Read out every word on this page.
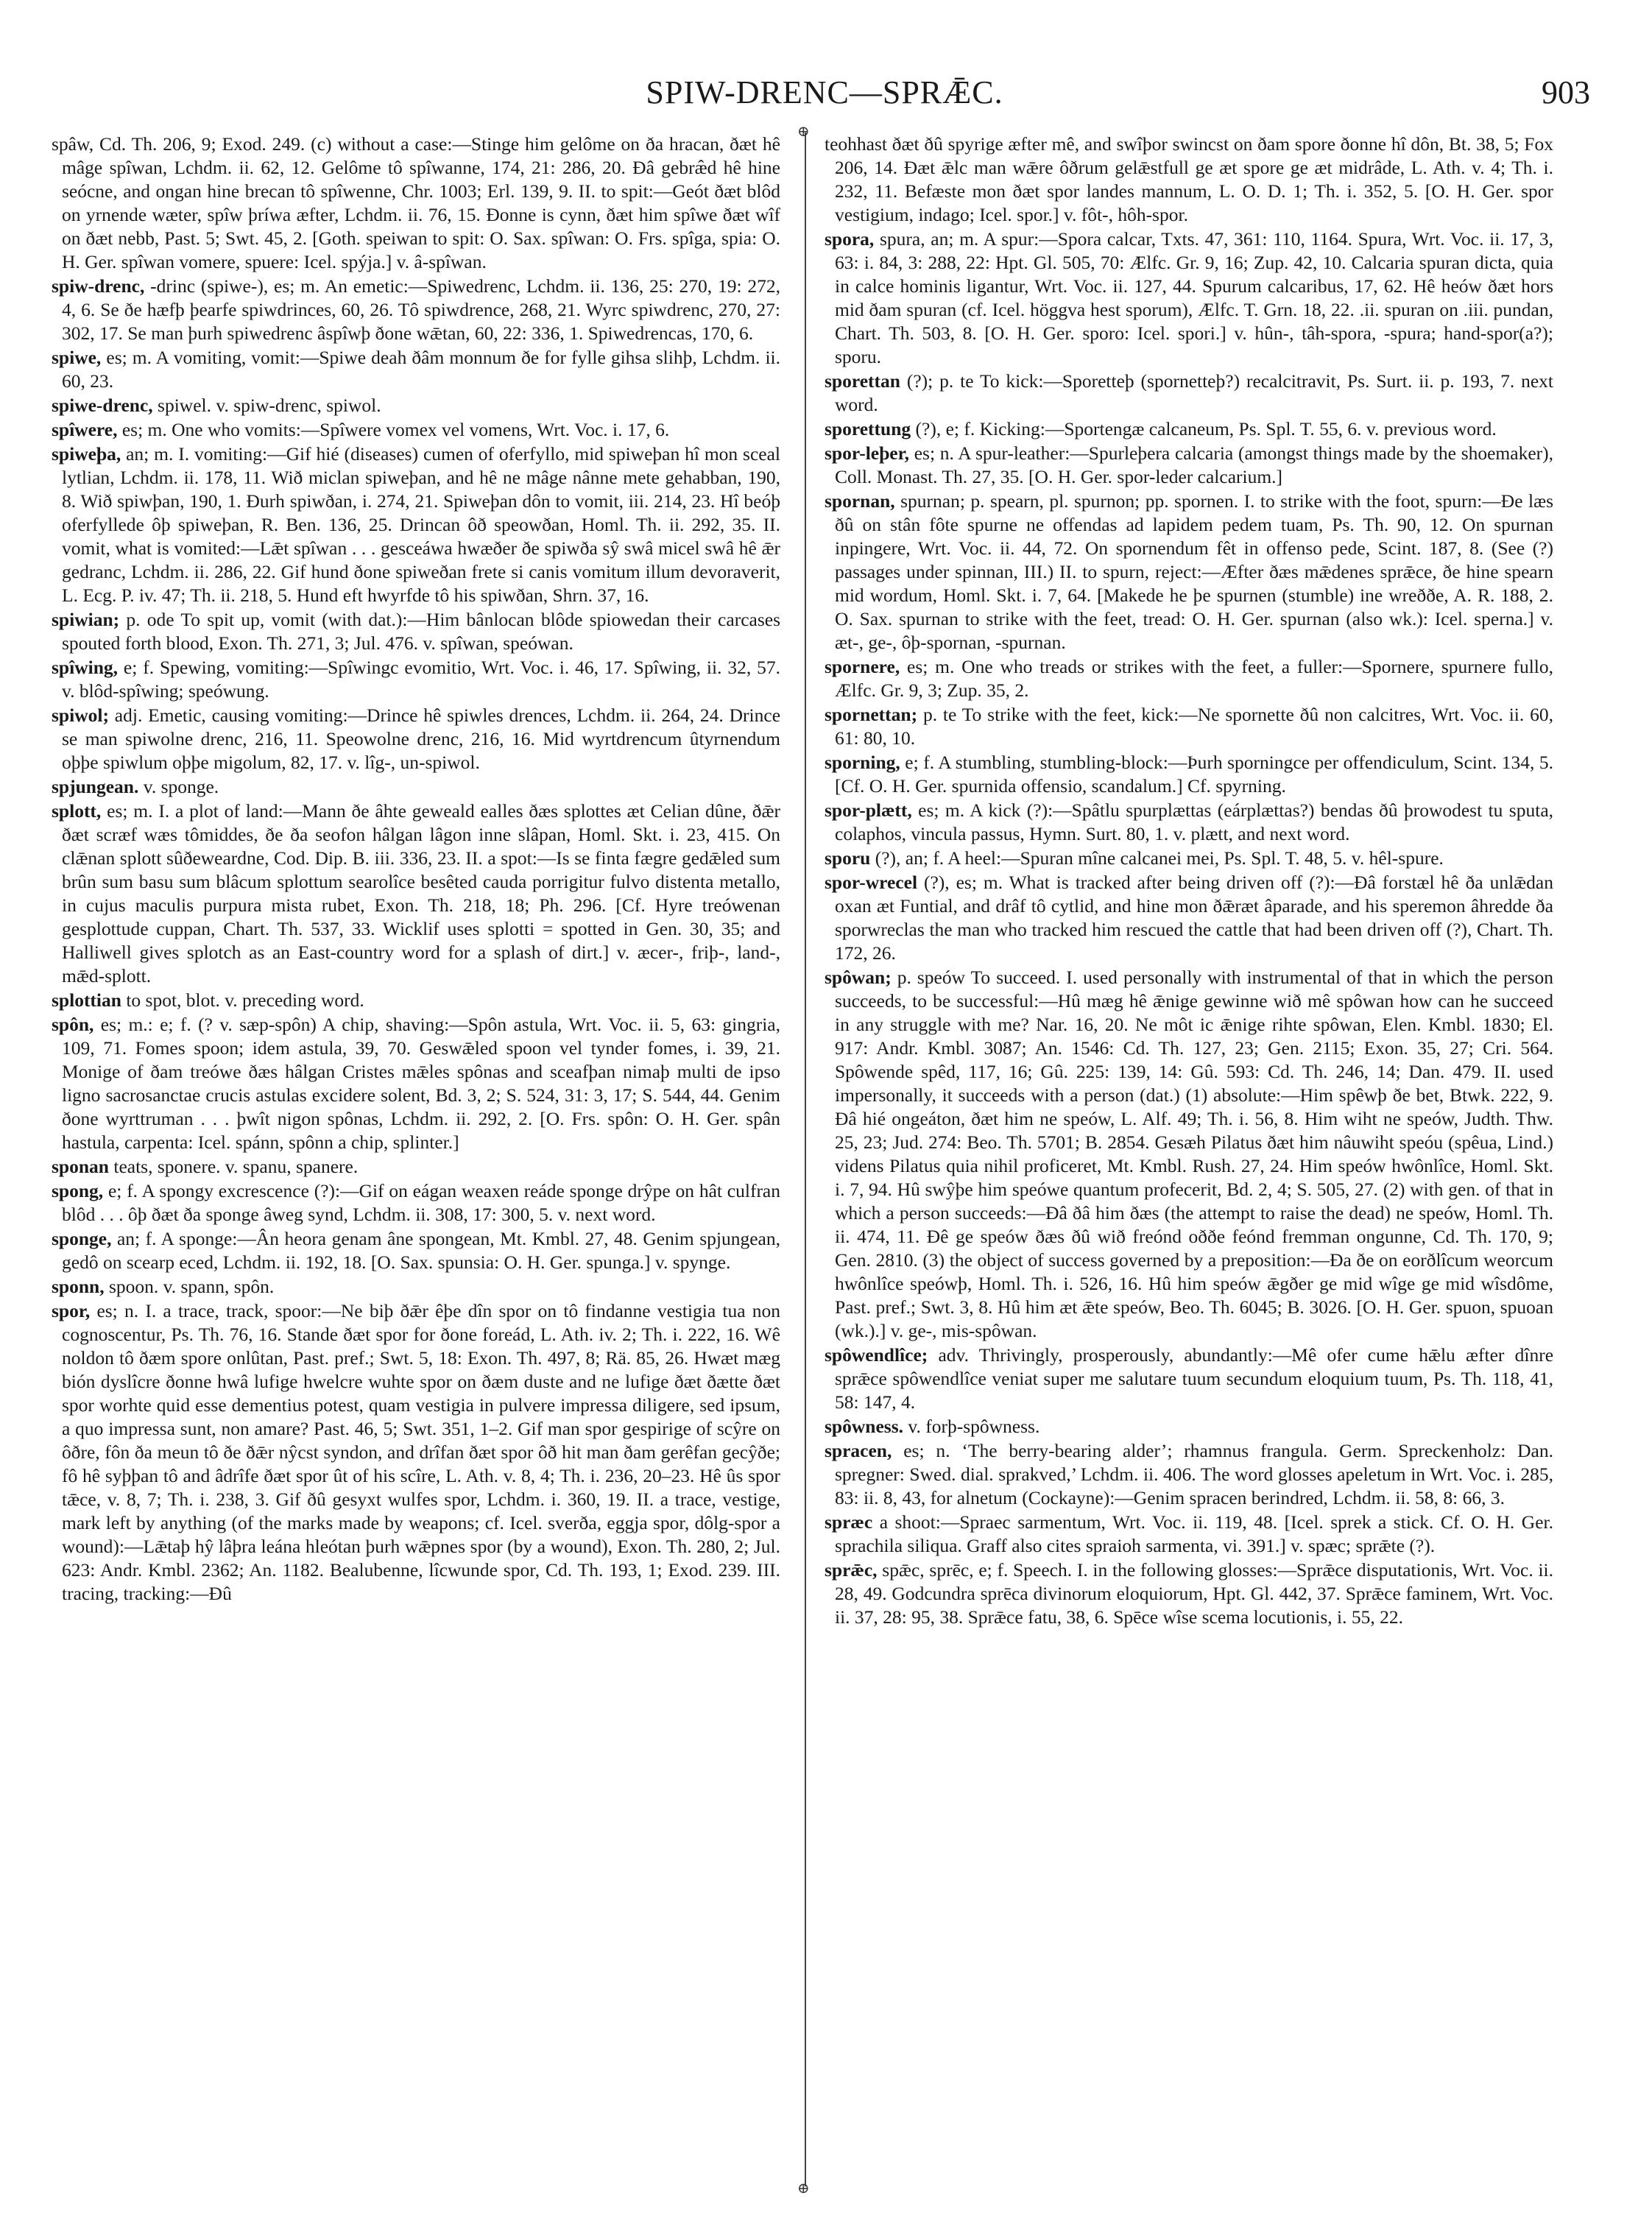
SPIW-DRENC—SPRǢC.	903
⊕
⊕

spâw, Cd. Th. 206, 9; Exod. 249. (c) without a case:—Stinge him gelôme on ða hracan, ðæt hê mâge spîwan, Lchdm. ii. 62, 12. Gelôme tô spîwanne, 174, 21: 286, 20. Ðâ gebræ̂d hê hine seócne, and ongan hine brecan tô spîwenne, Chr. 1003; Erl. 139, 9. II. to spit:—Geót ðæt blôd on yrnende wæter, spîw þríwa æfter, Lchdm. ii. 76, 15. Ðonne is cynn, ðæt him spîwe ðæt wîf on ðæt nebb, Past. 5; Swt. 45, 2. [Goth. speiwan to spit: O. Sax. spîwan: O. Frs. spîga, spia: O. H. Ger. spîwan vomere, spuere: Icel. spýja.] v. â-spîwan.

spiw-drenc, -drinc (spiwe-), es; m. An emetic:—Spiwedrenc, Lchdm. ii. 136, 25: 270, 19: 272, 4, 6. Se ðe hæfþ þearfe spiwdrinces, 60, 26. Tô spiwdrence, 268, 21. Wyrc spiwdrenc, 270, 27: 302, 17. Se man þurh spiwedrenc âspîwþ ðone wǣtan, 60, 22: 336, 1. Spiwedrencas, 170, 6.

spiwe, es; m. A vomiting, vomit:—Spiwe deah ðâm monnum ðe for fylle gihsa slihþ, Lchdm. ii. 60, 23.

spiwe-drenc, spiwel. v. spiw-drenc, spiwol.

spîwere, es; m. One who vomits:—Spîwere vomex vel vomens, Wrt. Voc. i. 17, 6.

spiweþa, an; m. I. vomiting:—Gif hié (diseases) cumen of oferfyllo, mid spiweþan hî mon sceal lytlian, Lchdm. ii. 178, 11. Wið miclan spiweþan, and hê ne mâge nânne mete gehabban, 190, 8. Wið spiwþan, 190, 1. Ðurh spiwðan, i. 274, 21. Spiweþan dôn to vomit, iii. 214, 23. Hî beóþ oferfyllede ôþ spiweþan, R. Ben. 136, 25. Drincan ôð speowðan, Homl. Th. ii. 292, 35. II. vomit, what is vomited:—Lǣt spîwan . . . gesceáwa hwæðer ðe spiwða sŷ swâ micel swâ hê ǣr gedranc, Lchdm. ii. 286, 22. Gif hund ðone spiweðan frete si canis vomitum illum devoraverit, L. Ecg. P. iv. 47; Th. ii. 218, 5. Hund eft hwyrfde tô his spiwðan, Shrn. 37, 16.

spiwian; p. ode To spit up, vomit (with dat.):—Him bânlocan blôde spiowedan their carcases spouted forth blood, Exon. Th. 271, 3; Jul. 476. v. spîwan, speówan.

spîwing, e; f. Spewing, vomiting:—Spîwingc evomitio, Wrt. Voc. i. 46, 17. Spîwing, ii. 32, 57. v. blôd-spîwing; speówung.

spiwol; adj. Emetic, causing vomiting:—Drince hê spiwles drences, Lchdm. ii. 264, 24. Drince se man spiwolne drenc, 216, 11. Speowolne drenc, 216, 16. Mid wyrtdrencum ûtyrnendum oþþe spiwlum oþþe migolum, 82, 17. v. lîg-, un-spiwol.

spjungean. v. sponge.

splott, es; m. I. a plot of land:—Mann ðe âhte geweald ealles ðæs splottes æt Celian dûne, ðǣr ðæt scræf wæs tômiddes, ðe ða seofon hâlgan lâgon inne slâpan, Homl. Skt. i. 23, 415. On clǣnan splott sûðeweardne, Cod. Dip. B. iii. 336, 23. II. a spot:—Is se finta fægre gedǣled sum brûn sum basu sum blâcum splottum searolîce besêted cauda porrigitur fulvo distenta metallo, in cujus maculis purpura mista rubet, Exon. Th. 218, 18; Ph. 296. [Cf. Hyre treówenan gesplottude cuppan, Chart. Th. 537, 33. Wicklif uses splotti = spotted in Gen. 30, 35; and Halliwell gives splotch as an East-country word for a splash of dirt.] v. æcer-, friþ-, land-, mǣd-splott.

splottian to spot, blot. v. preceding word.

spôn, es; m.: e; f. (? v. sæp-spôn) A chip, shaving:—Spôn astula, Wrt. Voc. ii. 5, 63: gingria, 109, 71. Fomes spoon; idem astula, 39, 70. Geswǣled spoon vel tynder fomes, i. 39, 21. Monige of ðam treówe ðæs hâlgan Cristes mǣles spônas and sceafþan nimaþ multi de ipso ligno sacrosanctae crucis astulas excidere solent, Bd. 3, 2; S. 524, 31: 3, 17; S. 544, 44. Genim ðone wyrttruman . . . þwît nigon spônas, Lchdm. ii. 292, 2. [O. Frs. spôn: O. H. Ger. spân hastula, carpenta: Icel. spánn, spônn a chip, splinter.]

sponan teats, sponere. v. spanu, spanere.

spong, e; f. A spongy excrescence (?):—Gif on eágan weaxen reáde sponge drŷpe on hât culfran blôd . . . ôþ ðæt ða sponge âweg synd, Lchdm. ii. 308, 17: 300, 5. v. next word.

sponge, an; f. A sponge:—Ân heora genam âne spongean, Mt. Kmbl. 27, 48. Genim spjungean, gedô on scearp eced, Lchdm. ii. 192, 18. [O. Sax. spunsia: O. H. Ger. spunga.] v. spynge.

sponn, spoon. v. spann, spôn.

spor, es; n. I. a trace, track, spoor:—Ne biþ ðǣr êþe dîn spor on tô findanne vestigia tua non cognoscentur, Ps. Th. 76, 16. Stande ðæt spor for ðone foreád, L. Ath. iv. 2; Th. i. 222, 16. Wê noldon tô ðæm spore onlûtan, Past. pref.; Swt. 5, 18: Exon. Th. 497, 8; Rä. 85, 26. Hwæt mæg bión dyslîcre ðonne hwâ lufige hwelcre wuhte spor on ðæm duste and ne lufige ðæt ðætte ðæt spor worhte quid esse dementius potest, quam vestigia in pulvere impressa diligere, sed ipsum, a quo impressa sunt, non amare? Past. 46, 5; Swt. 351, 1–2. Gif man spor gespirige of scŷre on ôðre, fôn ða meun tô ðe ðǣr nŷcst syndon, and drîfan ðæt spor ôð hit man ðam gerêfan gecŷðe; fô hê syþþan tô and âdrîfe ðæt spor ût of his scîre, L. Ath. v. 8, 4; Th. i. 236, 20–23. Hê ûs spor tǣce, v. 8, 7; Th. i. 238, 3. Gif ðû gesyxt wulfes spor, Lchdm. i. 360, 19. II. a trace, vestige, mark left by anything (of the marks made by weapons; cf. Icel. sverða, eggja spor, dôlg-spor a wound):—Lǣtaþ hŷ lâþra leána hleótan þurh wǣpnes spor (by a wound), Exon. Th. 280, 2; Jul. 623: Andr. Kmbl. 2362; An. 1182. Bealubenne, lîcwunde spor, Cd. Th. 193, 1; Exod. 239. III. tracing, tracking:—Ðû

teohhast ðæt ðû spyrige æfter mê, and swîþor swincst on ðam spore ðonne hî dôn, Bt. 38, 5; Fox 206, 14. Ðæt ǣlc man wǣre ôðrum gelǣstfull ge æt spore ge æt midrâde, L. Ath. v. 4; Th. i. 232, 11. Befæste mon ðæt spor landes mannum, L. O. D. 1; Th. i. 352, 5. [O. H. Ger. spor vestigium, indago; Icel. spor.] v. fôt-, hôh-spor.

spora, spura, an; m. A spur:—Spora calcar, Txts. 47, 361: 110, 1164. Spura, Wrt. Voc. ii. 17, 3, 63: i. 84, 3: 288, 22: Hpt. Gl. 505, 70: Ælfc. Gr. 9, 16; Zup. 42, 10. Calcaria spuran dicta, quia in calce hominis ligantur, Wrt. Voc. ii. 127, 44. Spurum calcaribus, 17, 62. Hê heów ðæt hors mid ðam spuran (cf. Icel. höggva hest sporum), Ælfc. T. Grn. 18, 22. .ii. spuran on .iii. pundan, Chart. Th. 503, 8. [O. H. Ger. sporo: Icel. spori.] v. hûn-, tâh-spora, -spura; hand-spor(a?); sporu.

sporettan (?); p. te To kick:—Sporetteþ (spornetteþ?) recalcitravit, Ps. Surt. ii. p. 193, 7. next word.

sporettung (?), e; f. Kicking:—Sportengæ calcaneum, Ps. Spl. T. 55, 6. v. previous word.

spor-leþer, es; n. A spur-leather:—Spurleþera calcaria (amongst things made by the shoemaker), Coll. Monast. Th. 27, 35. [O. H. Ger. spor-leder calcarium.]

spornan, spurnan; p. spearn, pl. spurnon; pp. spornen. I. to strike with the foot, spurn:—Ðe læs ðû on stân fôte spurne ne offendas ad lapidem pedem tuam, Ps. Th. 90, 12. On spurnan inpingere, Wrt. Voc. ii. 44, 72. On spornendum fêt in offenso pede, Scint. 187, 8. (See (?) passages under spinnan, III.) II. to spurn, reject:—Æfter ðæs mǣdenes sprǣce, ðe hine spearn mid wordum, Homl. Skt. i. 7, 64. [Makede he þe spurnen (stumble) ine wreððe, A. R. 188, 2. O. Sax. spurnan to strike with the feet, tread: O. H. Ger. spurnan (also wk.): Icel. sperna.] v. æt-, ge-, ôþ-spornan, -spurnan.

spornere, es; m. One who treads or strikes with the feet, a fuller:—Spornere, spurnere fullo, Ælfc. Gr. 9, 3; Zup. 35, 2.

spornettan; p. te To strike with the feet, kick:—Ne spornette ðû non calcitres, Wrt. Voc. ii. 60, 61: 80, 10.

sporning, e; f. A stumbling, stumbling-block:—Þurh sporningce per offendiculum, Scint. 134, 5. [Cf. O. H. Ger. spurnida offensio, scandalum.] Cf. spyrning.

spor-plætt, es; m. A kick (?):—Spâtlu spurplættas (eárplættas?) bendas ðû þrowodest tu sputa, colaphos, vincula passus, Hymn. Surt. 80, 1. v. plætt, and next word.

sporu (?), an; f. A heel:—Spuran mîne calcanei mei, Ps. Spl. T. 48, 5. v. hêl-spure.

spor-wrecel (?), es; m. What is tracked after being driven off (?):—Ðâ forstæl hê ða unlǣdan oxan æt Funtial, and drâf tô cytlid, and hine mon ðǣræt âparade, and his speremon âhredde ða sporwreclas the man who tracked him rescued the cattle that had been driven off (?), Chart. Th. 172, 26.

spôwan; p. speów To succeed. I. used personally with instrumental of that in which the person succeeds, to be successful:—Hû mæg hê ǣnige gewinne wið mê spôwan how can he succeed in any struggle with me? Nar. 16, 20. Ne môt ic ǣnige rihte spôwan, Elen. Kmbl. 1830; El. 917: Andr. Kmbl. 3087; An. 1546: Cd. Th. 127, 23; Gen. 2115; Exon. 35, 27; Cri. 564. Spôwende spêd, 117, 16; Gû. 225: 139, 14: Gû. 593: Cd. Th. 246, 14; Dan. 479. II. used impersonally, it succeeds with a person (dat.) (1) absolute:—Him spêwþ ðe bet, Btwk. 222, 9. Ðâ hié ongeáton, ðæt him ne speów, L. Alf. 49; Th. i. 56, 8. Him wiht ne speów, Judth. Thw. 25, 23; Jud. 274: Beo. Th. 5701; B. 2854. Gesæh Pilatus ðæt him nâuwiht speóu (spêua, Lind.) videns Pilatus quia nihil proficeret, Mt. Kmbl. Rush. 27, 24. Him speów hwônlîce, Homl. Skt. i. 7, 94. Hû swŷþe him speówe quantum profecerit, Bd. 2, 4; S. 505, 27. (2) with gen. of that in which a person succeeds:—Ðâ ðâ him ðæs (the attempt to raise the dead) ne speów, Homl. Th. ii. 474, 11. Ðê ge speów ðæs ðû wið freónd oððe feónd fremman ongunne, Cd. Th. 170, 9; Gen. 2810. (3) the object of success governed by a preposition:—Ða ðe on eorðlîcum weorcum hwônlîce speówþ, Homl. Th. i. 526, 16. Hû him speów ǣgðer ge mid wîge ge mid wîsdôme, Past. pref.; Swt. 3, 8. Hû him æt ǣte speów, Beo. Th. 6045; B. 3026. [O. H. Ger. spuon, spuoan (wk.).] v. ge-, mis-spôwan.

spôwendlîce; adv. Thrivingly, prosperously, abundantly:—Mê ofer cume hǣlu æfter dînre sprǣce spôwendlîce veniat super me salutare tuum secundum eloquium tuum, Ps. Th. 118, 41, 58: 147, 4.

spôwness. v. forþ-spôwness.

spracen, es; n. ‘The berry-bearing alder’; rhamnus frangula. Germ. Spreckenholz: Dan. spregner: Swed. dial. sprakved,’ Lchdm. ii. 406. The word glosses apeletum in Wrt. Voc. i. 285, 83: ii. 8, 43, for alnetum (Cockayne):—Genim spracen berindred, Lchdm. ii. 58, 8: 66, 3.

spræc a shoot:—Spraec sarmentum, Wrt. Voc. ii. 119, 48. [Icel. sprek a stick. Cf. O. H. Ger. sprachila siliqua. Graff also cites spraioh sarmenta, vi. 391.] v. spæc; sprǣte (?).

sprǣc, spǣc, sprēc, e; f. Speech. I. in the following glosses:—Sprǣce disputationis, Wrt. Voc. ii. 28, 49. Godcundra sprēca divinorum eloquiorum, Hpt. Gl. 442, 37. Sprǣce faminem, Wrt. Voc. ii. 37, 28: 95, 38. Sprǣce fatu, 38, 6. Spēce wîse scema locutionis, i. 55, 22.
